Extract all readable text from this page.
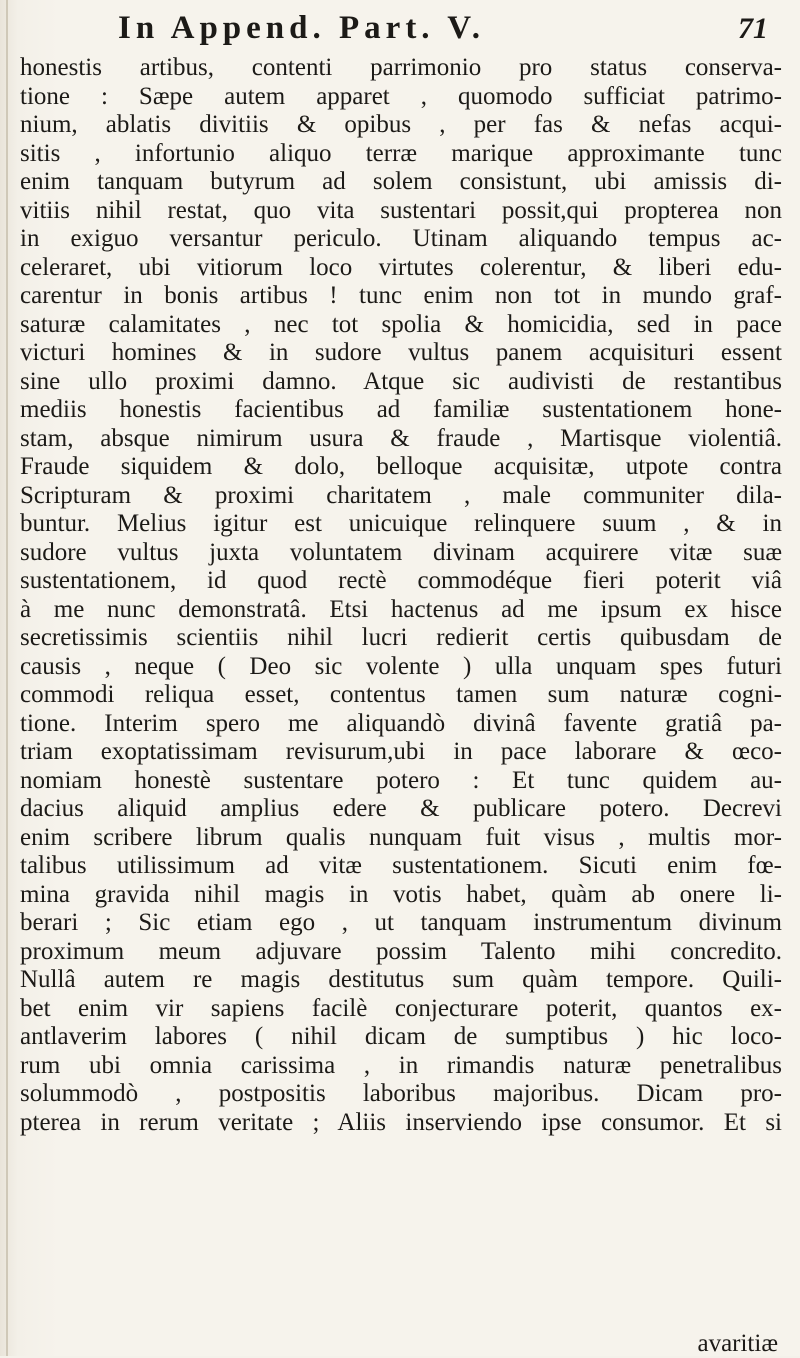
In Append. Part. V.	71
honestis artibus, contenti parrimonio pro status conserva-
tione : Sæpe autem apparet , quomodo sufficiat patrimo-
nium, ablatis divitiis & opibus , per fas & nefas acqui-
sitis , infortunio aliquo terræ marique approximante tunc
enim tanquam butyrum ad solem consistunt, ubi amissis di-
vitiis nihil restat, quo vita sustentari possit,qui propterea non
in exiguo versantur periculo. Utinam aliquando tempus ac-
celeraret, ubi vitiorum loco virtutes colerentur, & liberi edu-
carentur in bonis artibus ! tunc enim non tot in mundo graf-
saturæ calamitates , nec tot spolia & homicidia, sed in pace
victuri homines & in sudore vultus panem acquisituri essent
sine ullo proximi damno. Atque sic audivisti de restantibus
mediis honestis facientibus ad familiæ sustentationem hone-
stam, absque nimirum usura & fraude , Martisque violentiâ.
Fraude siquidem & dolo, belloque acquisitæ, utpote contra
Scripturam & proximi charitatem , male communiter dila-
buntur. Melius igitur est unicuique relinquere suum , & in
sudore vultus juxta voluntatem divinam acquirere vitæ suæ
sustentationem, id quod rectè commodéque fieri poterit viâ
à me nunc demonstratâ. Etsi hactenus ad me ipsum ex hisce
secretissimis scientiis nihil lucri redierit certis quibusdam de
causis , neque ( Deo sic volente ) ulla unquam spes futuri
commodi reliqua esset, contentus tamen sum naturæ cogni-
tione. Interim spero me aliquandò divinâ favente gratiâ pa-
triam exoptatissimam revisurum,ubi in pace laborare & œco-
nomiam honestè sustentare potero : Et tunc quidem au-
dacius aliquid amplius edere & publicare potero. Decrevi
enim scribere librum qualis nunquam fuit visus , multis mor-
talibus utilissimum ad vitæ sustentationem. Sicuti enim fœ-
mina gravida nihil magis in votis habet, quàm ab onere li-
berari ; Sic etiam ego , ut tanquam instrumentum divinum
proximum meum adjuvare possim Talento mihi concredito.
Nullâ autem re magis destitutus sum quàm tempore. Quili-
bet enim vir sapiens facilè conjecturare poterit, quantos ex-
antlaverim labores ( nihil dicam de sumptibus ) hic loco-
rum ubi omnia carissima , in rimandis naturæ penetralibus
solummodò , postpositis laboribus majoribus. Dicam pro-
pterea in rerum veritate ; Aliis inserviendo ipse consumor. Et si
avaritiæ
